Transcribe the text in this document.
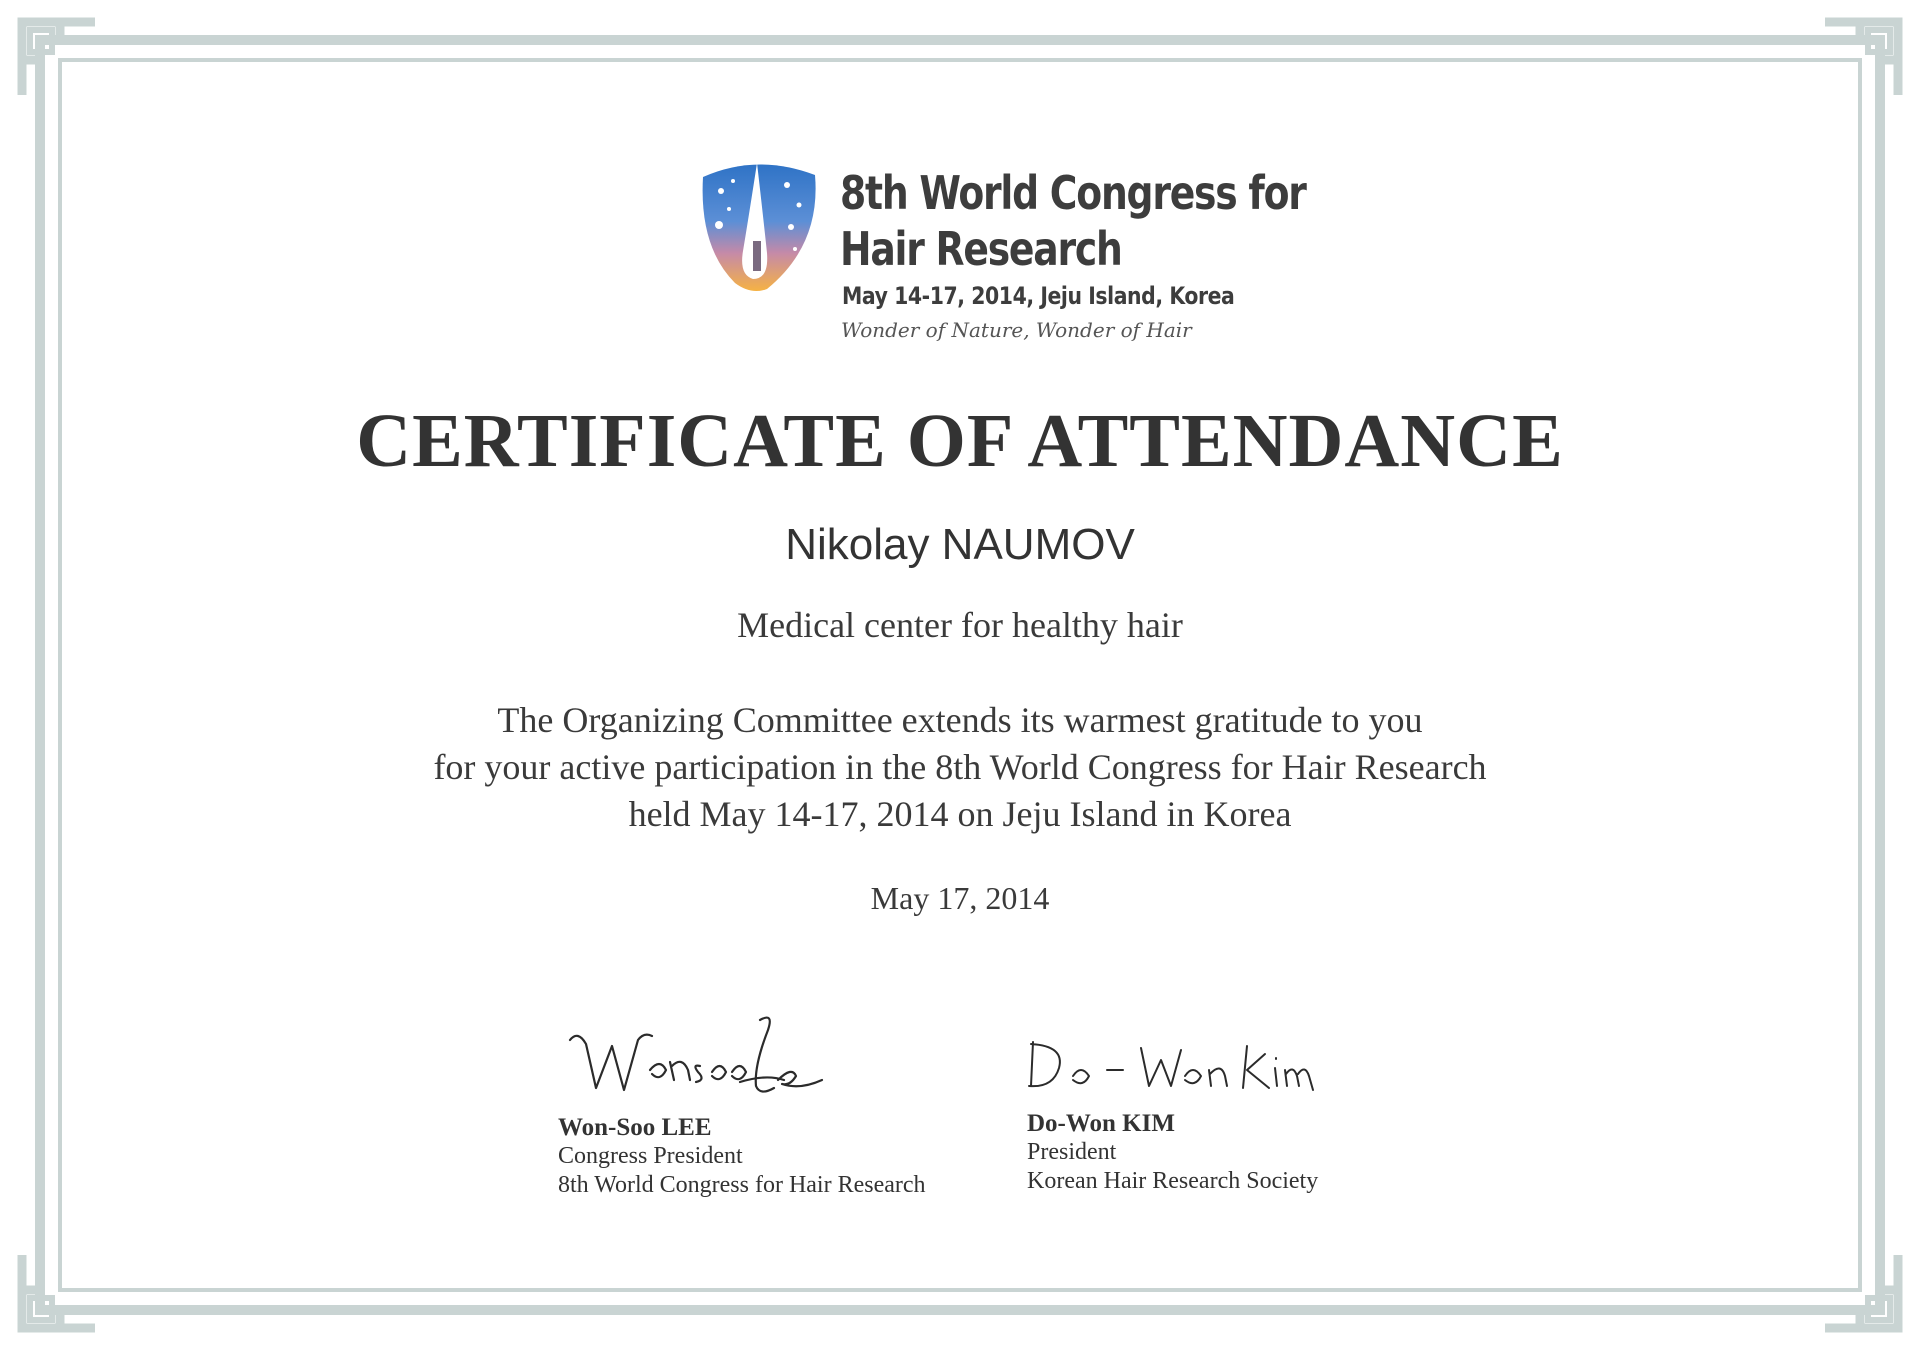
8th World Congress for
Hair Research
May 14-17, 2014, Jeju Island, Korea
Wonder of Nature, Wonder of Hair
CERTIFICATE OF ATTENDANCE
Nikolay NAUMOV
Medical center for healthy hair
The Organizing Committee extends its warmest gratitude to you
for your active participation in the 8th World Congress for Hair Research
held May 14-17, 2014 on Jeju Island in Korea
May 17, 2014
Won-Soo LEE
Congress President
8th World Congress for Hair Research
Do-Won KIM
President
Korean Hair Research Society
